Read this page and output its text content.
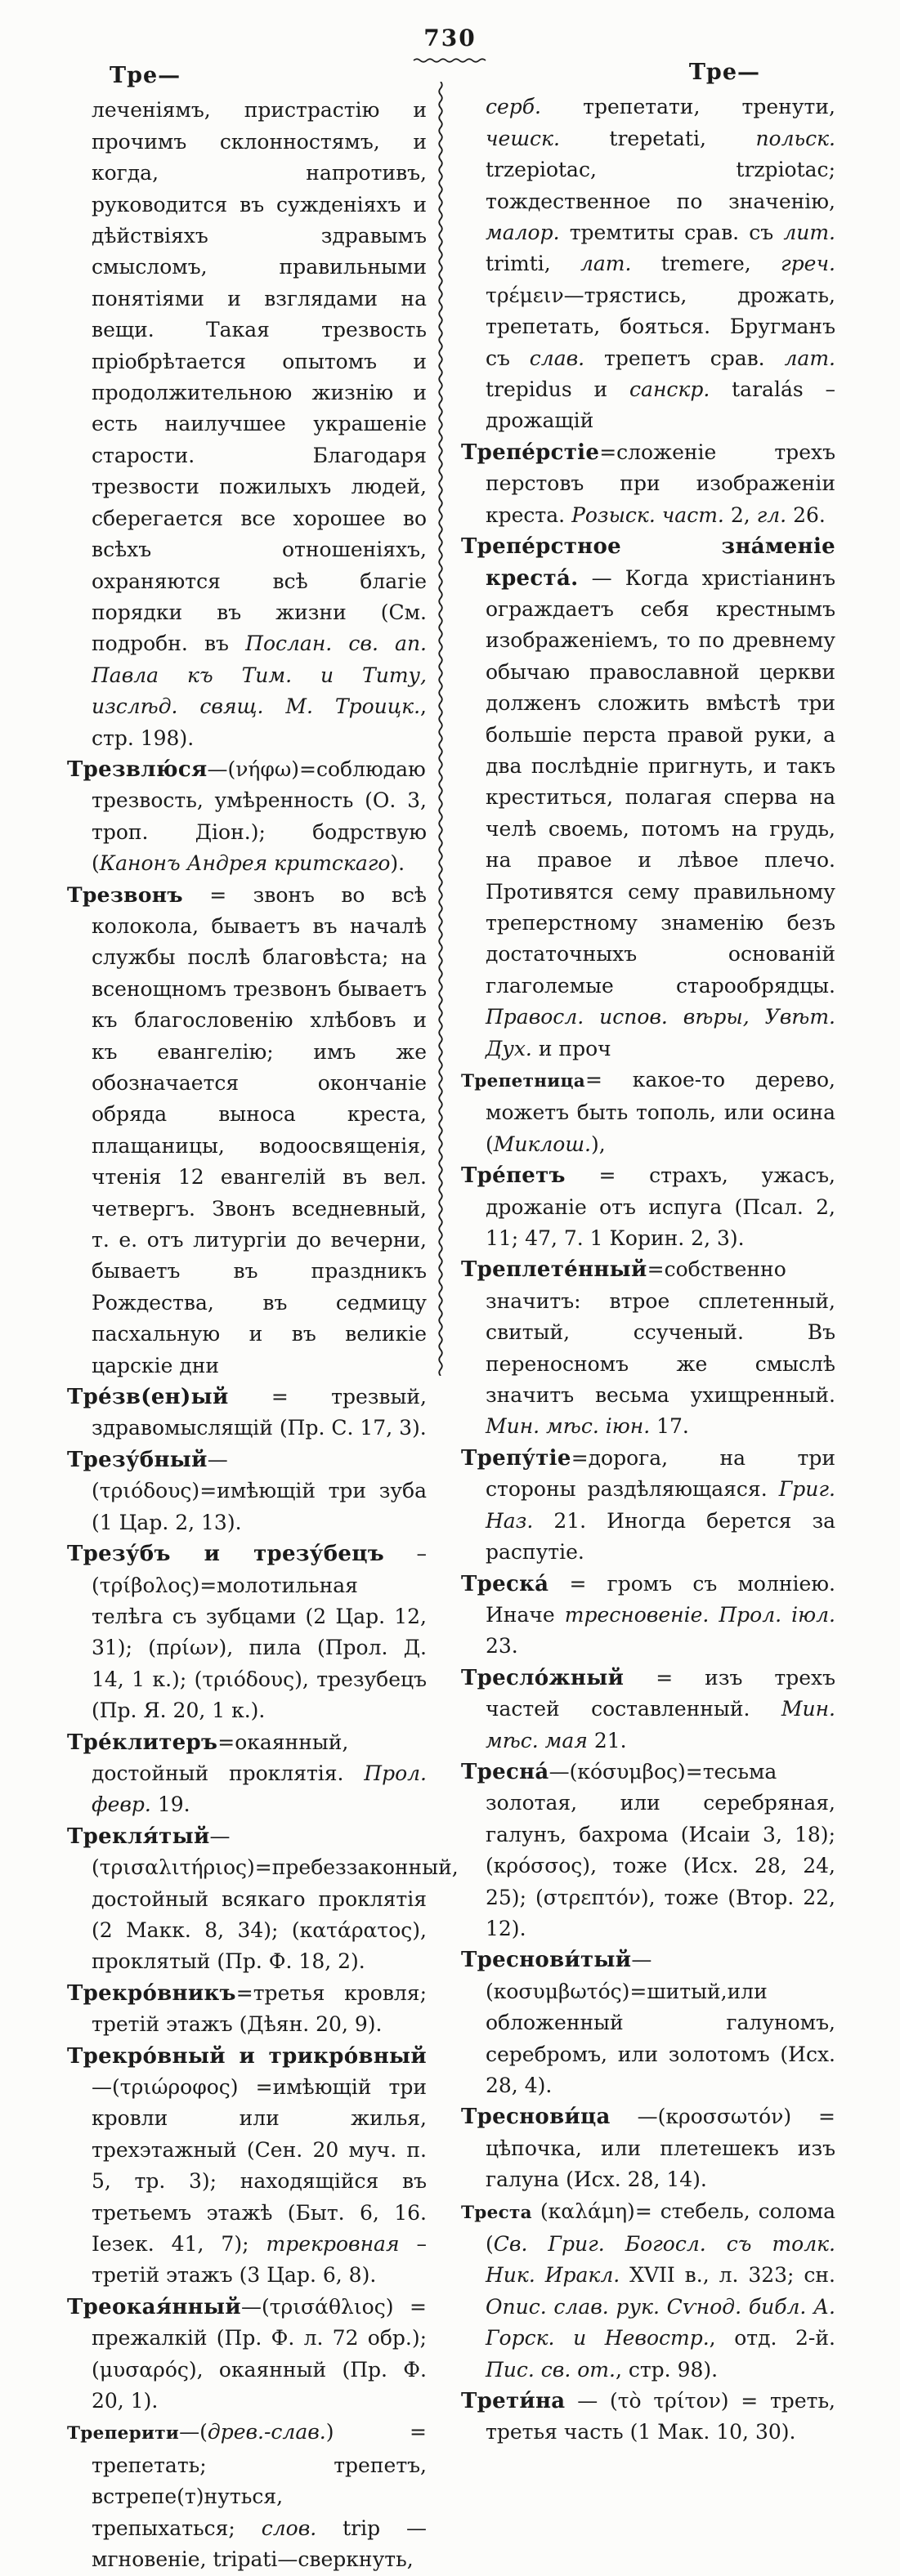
730
Тре—
леченіямъ, пристрастію и прочимъ склонностямъ, и когда, напротивъ, руководится въ сужденіяхъ и дѣйствіяхъ здравымъ смысломъ, правильными понятіями и взглядами на вещи. Такая трезвость пріобрѣтается опытомъ и продолжительною жизнію и есть наилучшее украшеніе старости. Благодаря трезвости пожилыхъ людей, сберегается все хорошее во всѣхъ отношеніяхъ, охраняются всѣ благіе порядки въ жизни (См. подробн. въ Послан. св. ап. Павла къ Тим. и Титу, изслѣд. свящ. М. Троицк., стр. 198).
Трезвлю́ся—(νήφω)=соблюдаю трезвость, умѣренность (О. 3, троп. Діон.); бодрствую (Канонъ Андрея критскаго).
Трезвонъ = звонъ во всѣ колокола, бываетъ въ началѣ службы послѣ благовѣста; на всенощномъ трезвонъ бываетъ къ благословенію хлѣбовъ и къ евангелію; имъ же обозначается окончаніе обряда выноса креста, плащаницы, водоосвященія, чтенія 12 евангелій въ вел. четвергъ. Звонъ вседневный, т. е. отъ литургіи до вечерни, бываетъ въ праздникъ Рождества, въ седмицу пасхальную и въ великіе царскіе дни
Тре́зв(ен)ый = трезвый, здравомыслящій (Пр. С. 17, 3).
Трезу́бный—(τριόδους)=имѣющій три зуба (1 Цар. 2, 13).
Трезу́бъ и трезу́бецъ – (τρίβολος)=молотильная телѣга съ зубцами (2 Цар. 12, 31); (πρίων), пила (Прол. Д. 14, 1 к.); (τριόδους), трезубецъ (Пр. Я. 20, 1 к.).
Тре́клитеръ=окаянный, достойный проклятія. Прол. февр. 19.
Трекля́тый—(τρισαλιτήριος)=пребеззаконный, достойный всякаго проклятія (2 Макк. 8, 34); (κατάρατος), проклятый (Пр. Ф. 18, 2).
Трекро́вникъ=третья кровля; третій этажъ (Дѣян. 20, 9).
Трекро́вный и трикро́вный—(τριώροφος) =имѣющій три кровли или жилья, трехэтажный (Сен. 20 муч. п. 5, тр. 3); находящійся въ третьемъ этажѣ (Быт. 6, 16. Іезек. 41, 7); трекровная – третій этажъ (3 Цар. 6, 8).
Треокая́нный—(τρισάθλιος) = прежалкій (Пр. Ф. л. 72 обр.); (μυσαρός), окаянный (Пр. Ф. 20, 1).
Треперити—(древ.-слав.) = трепетать; трепетъ, встрепе(т)нуться, трепыхаться; слов. trip — мгновеніе, tripati—сверкнуть,
Тре—
серб. трепетати, тренути, чешск. trepetati, польск. trzepiotac, trzpiotac; тождественное по значенію, малор. тремтиты срав. съ лит. trimti, лат. tremere, греч. τρέμειν—трястись, дрожать, трепетать, бояться. Бругманъ съ слав. трепетъ срав. лат. trepidus и санскр. taralás – дрожащій
Трепе́рстіе=сложеніе трехъ перстовъ при изображеніи креста. Розыск. част. 2, гл. 26.
Трепе́рстное зна́меніе креста́. — Когда христіанинъ ограждаетъ себя крестнымъ изображеніемъ, то по древнему обычаю православной церкви долженъ сложить вмѣстѣ три большіе перста правой руки, а два послѣдніе пригнуть, и такъ креститься, полагая сперва на челѣ своемь, потомъ на грудь, на правое и лѣвое плечо. Противятся сему правильному треперстному знаменію безъ достаточныхъ основаній глаголемые старообрядцы. Правосл. испов. вѣры, Увѣт. Дух. и проч
Трепетница= какое-то дерево, можетъ быть тополь, или осина (Миклош.),
Тре́петъ = страхъ, ужасъ, дрожаніе отъ испуга (Псал. 2, 11; 47, 7. 1 Корин. 2, 3).
Треплете́нный=собственно значитъ: втрое сплетенный, свитый, ссученый. Въ переносномъ же смыслѣ значитъ весьма ухищренный. Мин. мѣс. іюн. 17.
Трепу́тіе=дорога, на три стороны раздѣляющаяся. Григ. Наз. 21. Иногда берется за распутіе.
Треска́ = громъ съ молніею. Иначе тресновеніе. Прол. іюл. 23.
Тресло́жный = изъ трехъ частей составленный. Мин. мѣс. мая 21.
Тресна́—(κόσυμβος)=тесьма золотая, или серебряная, галунъ, бахрома (Исаіи 3, 18); (κρόσσος), тоже (Исх. 28, 24, 25); (στρεπτόν), тоже (Втор. 22, 12).
Треснови́тый—(κοσυμβωτός)=шитый,или обложенный галуномъ, серебромъ, или золотомъ (Исх. 28, 4).
Треснови́ца —(κροσσωτόν) = цѣпочка, или плетешекъ изъ галуна (Исх. 28, 14).
Треста (καλάμη)= стебель, солома (Св. Григ. Богосл. съ толк. Ник. Иракл. XVII в., л. 323; сн. Опис. слав. рук. Сѵнод. библ. А. Горск. и Невостр., отд. 2-й. Пис. св. от., стр. 98).
Трети́на — (τὸ τρίτον) = треть, третья часть (1 Мак. 10, 30).
